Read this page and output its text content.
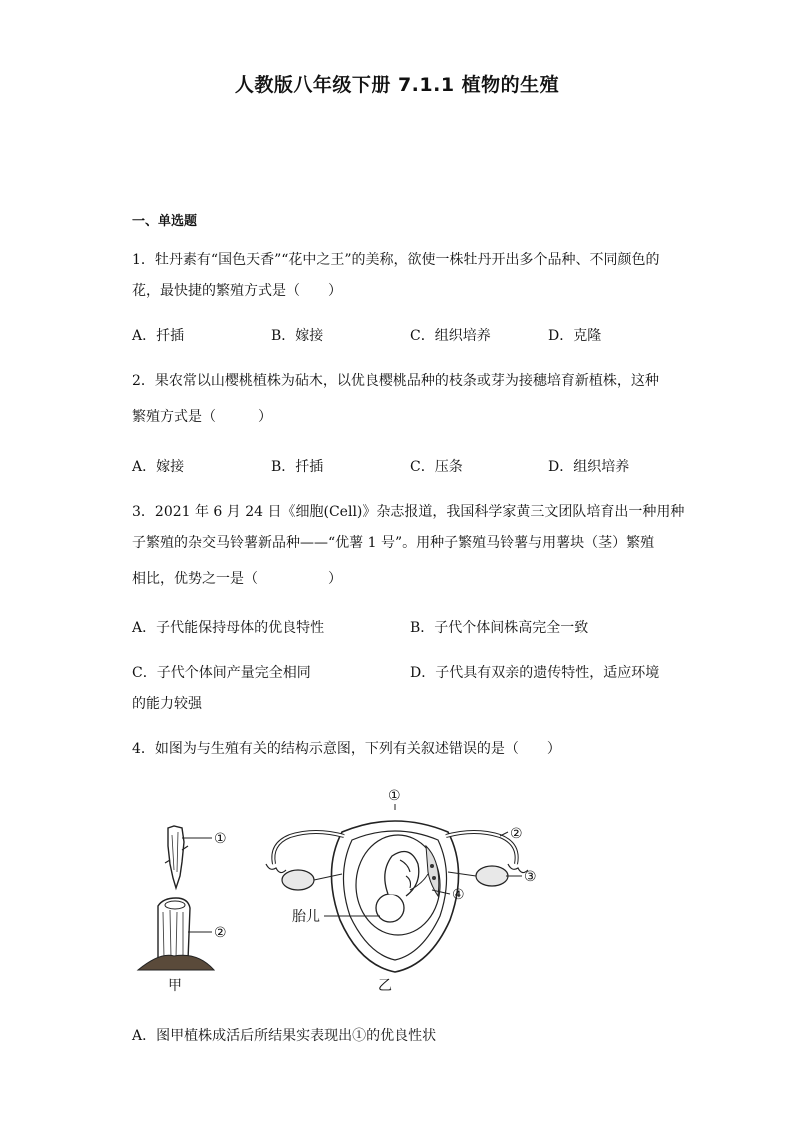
人教版八年级下册 7.1.1 植物的生殖
一、单选题
1．牡丹素有“国色天香”“花中之王”的美称，欲使一株牡丹开出多个品种、不同颜色的
花，最快捷的繁殖方式是（　　）
A．扦插	B．嫁接	C．组织培养	D．克隆
2．果农常以山樱桃植株为砧木，以优良樱桃品种的枝条或芽为接穗培育新植株，这种
繁殖方式是（　　　）
A．嫁接	B．扦插	C．压条	D．组织培养
3．2021 年 6 月 24 日《细胞(Cell)》杂志报道，我国科学家黄三文团队培育出一种用种
子繁殖的杂交马铃薯新品种——“优薯 1 号”。用种子繁殖马铃薯与用薯块（茎）繁殖
相比，优势之一是（　　　　　）
A．子代能保持母体的优良特性	B．子代个体间株高完全一致
C．子代个体间产量完全相同	D．子代具有双亲的遗传特性，适应环境
的能力较强
4．如图为与生殖有关的结构示意图，下列有关叙述错误的是（　　）
①
②
甲
①
②
③
④
胎儿
乙
A．图甲植株成活后所结果实表现出①的优良性状
